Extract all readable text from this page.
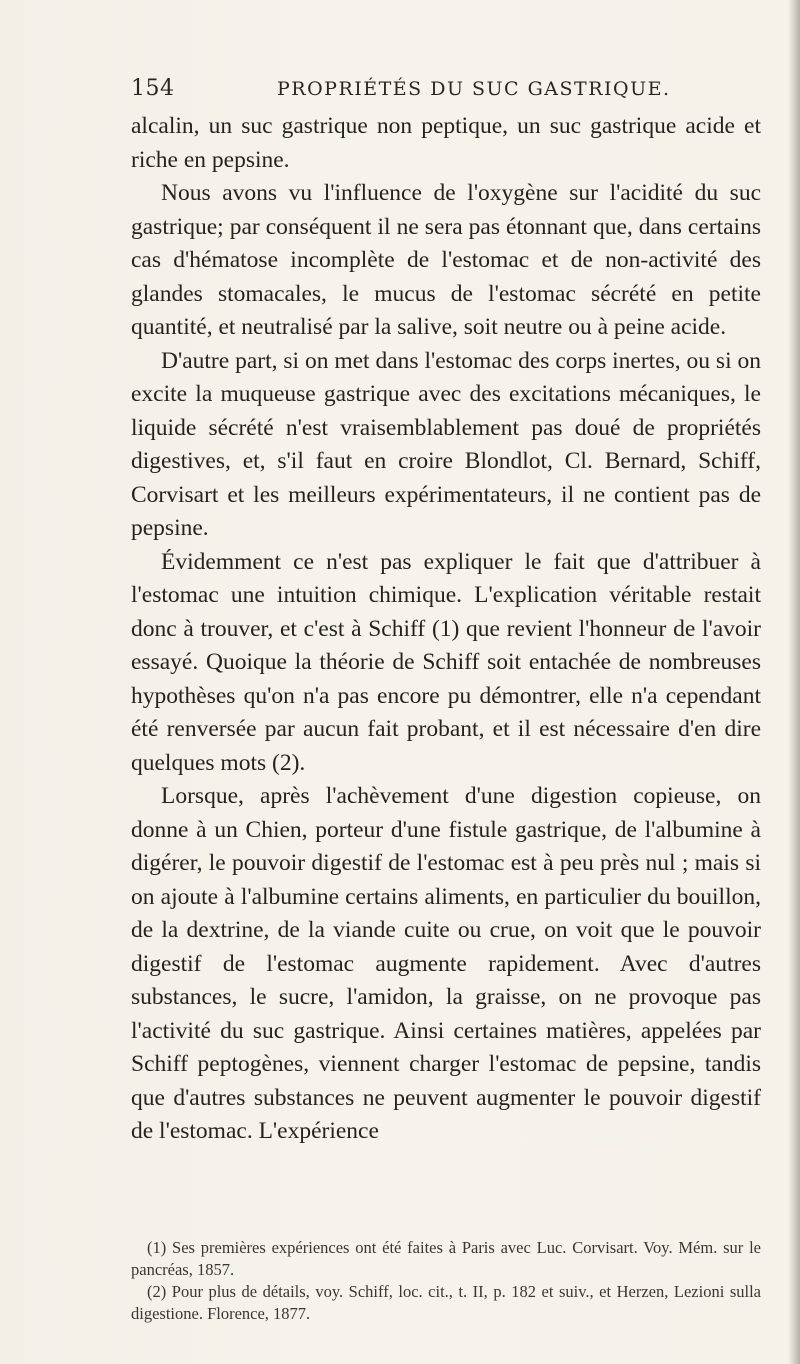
154	PROPRIÉTÉS DU SUC GASTRIQUE.

alcalin, un suc gastrique non peptique, un suc gastrique acide et riche en pepsine.

Nous avons vu l'influence de l'oxygène sur l'acidité du suc gastrique; par conséquent il ne sera pas étonnant que, dans certains cas d'hématose incomplète de l'estomac et de non-activité des glandes stomacales, le mucus de l'estomac sécrété en petite quantité, et neutralisé par la salive, soit neutre ou à peine acide.

D'autre part, si on met dans l'estomac des corps inertes, ou si on excite la muqueuse gastrique avec des excitations mécaniques, le liquide sécrété n'est vraisemblablement pas doué de propriétés digestives, et, s'il faut en croire Blondlot, Cl. Bernard, Schiff, Corvisart et les meilleurs expérimentateurs, il ne contient pas de pepsine.

Évidemment ce n'est pas expliquer le fait que d'attribuer à l'estomac une intuition chimique. L'explication véritable restait donc à trouver, et c'est à Schiff (1) que revient l'honneur de l'avoir essayé. Quoique la théorie de Schiff soit entachée de nombreuses hypothèses qu'on n'a pas encore pu démontrer, elle n'a cependant été renversée par aucun fait probant, et il est nécessaire d'en dire quelques mots (2).

Lorsque, après l'achèvement d'une digestion copieuse, on donne à un Chien, porteur d'une fistule gastrique, de l'albumine à digérer, le pouvoir digestif de l'estomac est à peu près nul ; mais si on ajoute à l'albumine certains aliments, en particulier du bouillon, de la dextrine, de la viande cuite ou crue, on voit que le pouvoir digestif de l'estomac augmente rapidement. Avec d'autres substances, le sucre, l'amidon, la graisse, on ne provoque pas l'activité du suc gastrique. Ainsi certaines matières, appelées par Schiff peptogènes, viennent charger l'estomac de pepsine, tandis que d'autres substances ne peuvent augmenter le pouvoir digestif de l'estomac. L'expérience

(1) Ses premières expériences ont été faites à Paris avec Luc. Corvisart. Voy. Mém. sur le pancréas, 1857.

(2) Pour plus de détails, voy. Schiff, loc. cit., t. II, p. 182 et suiv., et Herzen, Lezioni sulla digestione. Florence, 1877.
